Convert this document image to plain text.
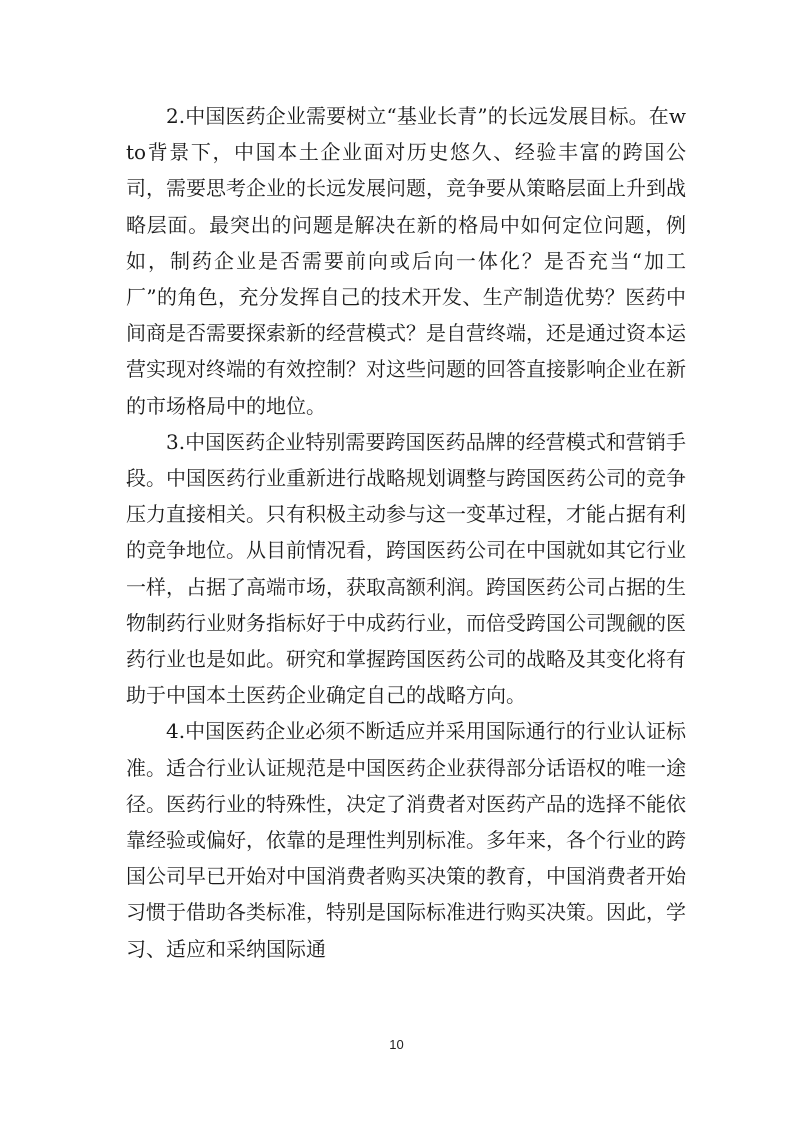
2.中国医药企业需要树立“基业长青”的长远发展目标。在wto背景下，中国本土企业面对历史悠久、经验丰富的跨国公司，需要思考企业的长远发展问题，竞争要从策略层面上升到战略层面。最突出的问题是解决在新的格局中如何定位问题，例如，制药企业是否需要前向或后向一体化？是否充当“加工厂”的角色，充分发挥自己的技术开发、生产制造优势？医药中间商是否需要探索新的经营模式？是自营终端，还是通过资本运营实现对终端的有效控制？对这些问题的回答直接影响企业在新的市场格局中的地位。

3.中国医药企业特别需要跨国医药品牌的经营模式和营销手段。中国医药行业重新进行战略规划调整与跨国医药公司的竞争压力直接相关。只有积极主动参与这一变革过程，才能占据有利的竞争地位。从目前情况看，跨国医药公司在中国就如其它行业一样，占据了高端市场，获取高额利润。跨国医药公司占据的生物制药行业财务指标好于中成药行业，而倍受跨国公司觊觎的医药行业也是如此。研究和掌握跨国医药公司的战略及其变化将有助于中国本土医药企业确定自己的战略方向。

4.中国医药企业必须不断适应并采用国际通行的行业认证标准。适合行业认证规范是中国医药企业获得部分话语权的唯一途径。医药行业的特殊性，决定了消费者对医药产品的选择不能依靠经验或偏好，依靠的是理性判别标准。多年来，各个行业的跨国公司早已开始对中国消费者购买决策的教育，中国消费者开始习惯于借助各类标准，特别是国际标准进行购买决策。因此，学习、适应和采纳国际通

10
